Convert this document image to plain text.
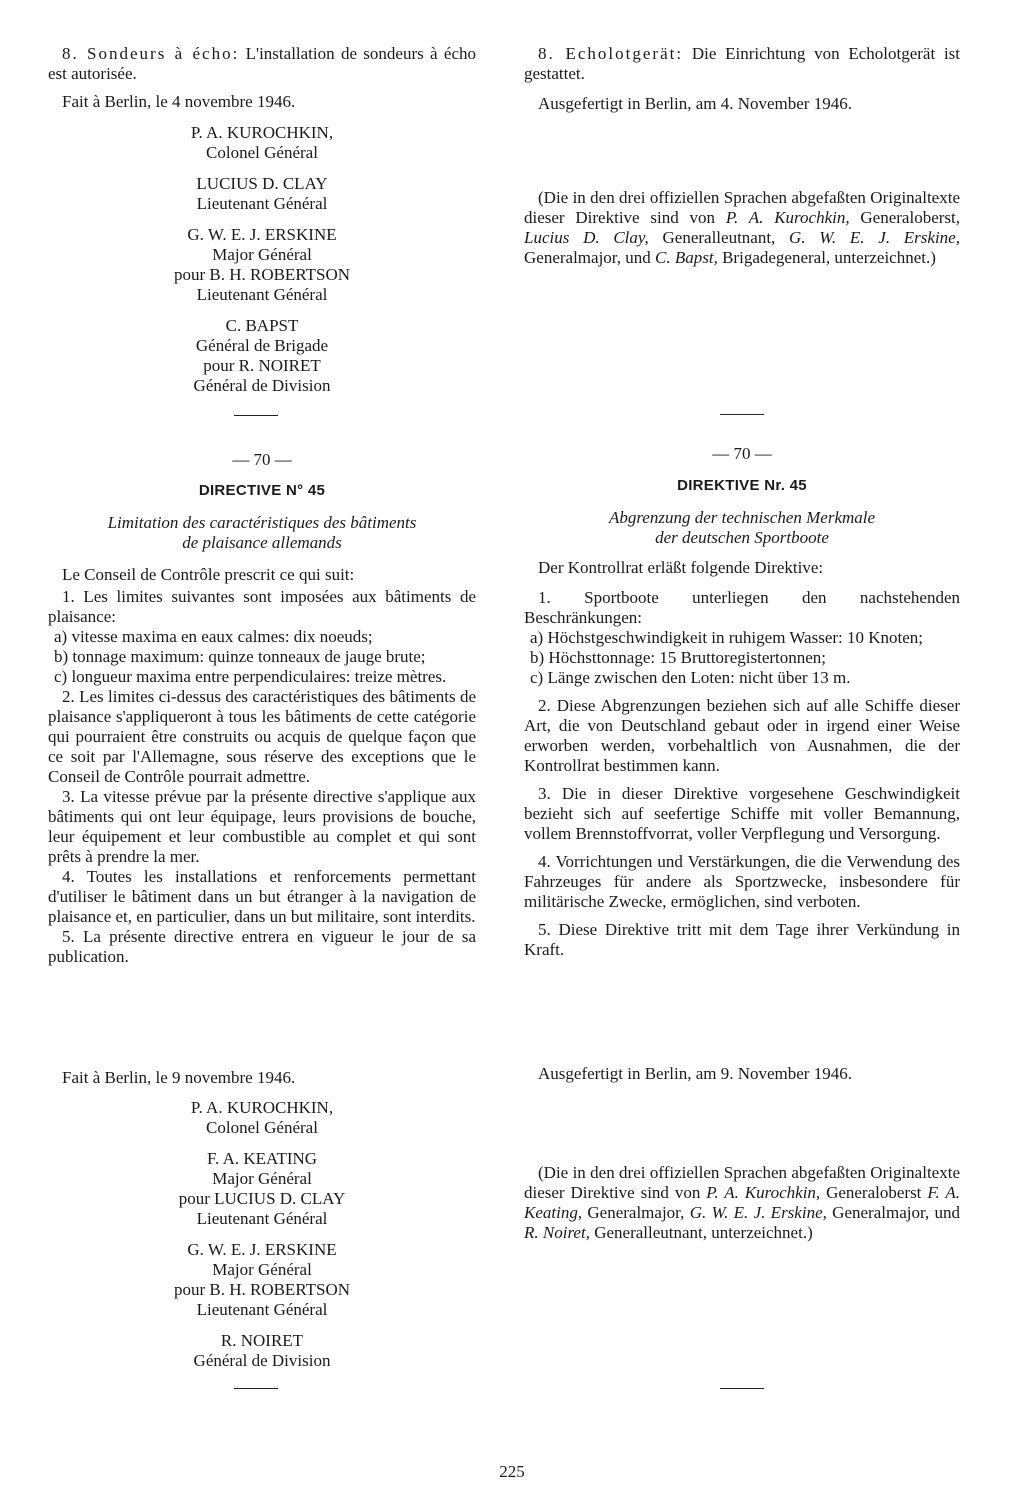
8. Sondeurs à écho: L'installation de sondeurs à écho est autorisée.

Fait à Berlin, le 4 novembre 1946.

P. A. KUROCHKIN,

Colonel Général

LUCIUS D. CLAY

Lieutenant Général

G. W. E. J. ERSKINE

Major Général

pour B. H. ROBERTSON

Lieutenant Général

C. BAPST

Général de Brigade

pour R. NOIRET

Général de Division

— 70 —

DIRECTIVE N° 45

Limitation des caractéristiques des bâtiments

de plaisance allemands

Le Conseil de Contrôle prescrit ce qui suit:

1. Les limites suivantes sont imposées aux bâtiments de plaisance:

a) vitesse maxima en eaux calmes: dix noeuds;

b) tonnage maximum: quinze tonneaux de jauge brute;

c) longueur maxima entre perpendiculaires: treize mètres.

2. Les limites ci-dessus des caractéristiques des bâtiments de plaisance s'appliqueront à tous les bâtiments de cette catégorie qui pourraient être construits ou acquis de quelque façon que ce soit par l'Allemagne, sous réserve des exceptions que le Conseil de Contrôle pourrait admettre.

3. La vitesse prévue par la présente directive s'applique aux bâtiments qui ont leur équipage, leurs provisions de bouche, leur équipement et leur combustible au complet et qui sont prêts à prendre la mer.

4. Toutes les installations et renforcements permettant d'utiliser le bâtiment dans un but étranger à la navigation de plaisance et, en particulier, dans un but militaire, sont interdits.

5. La présente directive entrera en vigueur le jour de sa publication.

Fait à Berlin, le 9 novembre 1946.

P. A. KUROCHKIN,

Colonel Général

F. A. KEATING

Major Général

pour LUCIUS D. CLAY

Lieutenant Général

G. W. E. J. ERSKINE

Major Général

pour B. H. ROBERTSON

Lieutenant Général

R. NOIRET

Général de Division

8. Echolotgerät: Die Einrichtung von Echolotgerät ist gestattet.

Ausgefertigt in Berlin, am 4. November 1946.

(Die in den drei offiziellen Sprachen abgefaßten Originaltexte dieser Direktive sind von P. A. Kurochkin, Generaloberst, Lucius D. Clay, Generalleutnant, G. W. E. J. Erskine, Generalmajor, und C. Bapst, Brigadegeneral, unterzeichnet.)

— 70 —

DIREKTIVE Nr. 45

Abgrenzung der technischen Merkmale

der deutschen Sportboote

Der Kontrollrat erläßt folgende Direktive:

1. Sportboote unterliegen den nachstehenden Beschränkungen:

a) Höchstgeschwindigkeit in ruhigem Wasser: 10 Knoten;

b) Höchsttonnage: 15 Bruttoregistertonnen;

c) Länge zwischen den Loten: nicht über 13 m.

2. Diese Abgrenzungen beziehen sich auf alle Schiffe dieser Art, die von Deutschland gebaut oder in irgend einer Weise erworben werden, vorbehaltlich von Ausnahmen, die der Kontrollrat bestimmen kann.

3. Die in dieser Direktive vorgesehene Geschwindigkeit bezieht sich auf seefertige Schiffe mit voller Bemannung, vollem Brennstoffvorrat, voller Verpflegung und Versorgung.

4. Vorrichtungen und Verstärkungen, die die Verwendung des Fahrzeuges für andere als Sportzwecke, insbesondere für militärische Zwecke, ermöglichen, sind verboten.

5. Diese Direktive tritt mit dem Tage ihrer Verkündung in Kraft.

Ausgefertigt in Berlin, am 9. November 1946.

(Die in den drei offiziellen Sprachen abgefaßten Originaltexte dieser Direktive sind von P. A. Kurochkin, Generaloberst F. A. Keating, Generalmajor, G. W. E. J. Erskine, Generalmajor, und R. Noiret, Generalleutnant, unterzeichnet.)

225
